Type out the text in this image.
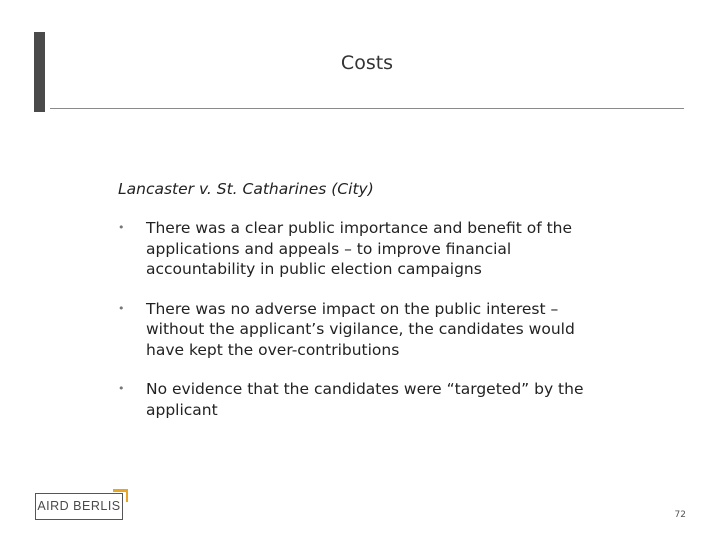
Costs

Lancaster v. St. Catharines (City)

• There was a clear public importance and benefit of the applications and appeals – to improve financial accountability in public election campaigns
• There was no adverse impact on the public interest – without the applicant’s vigilance, the candidates would have kept the over-contributions
• No evidence that the candidates were “targeted” by the applicant
AIRD BERLIS
72
